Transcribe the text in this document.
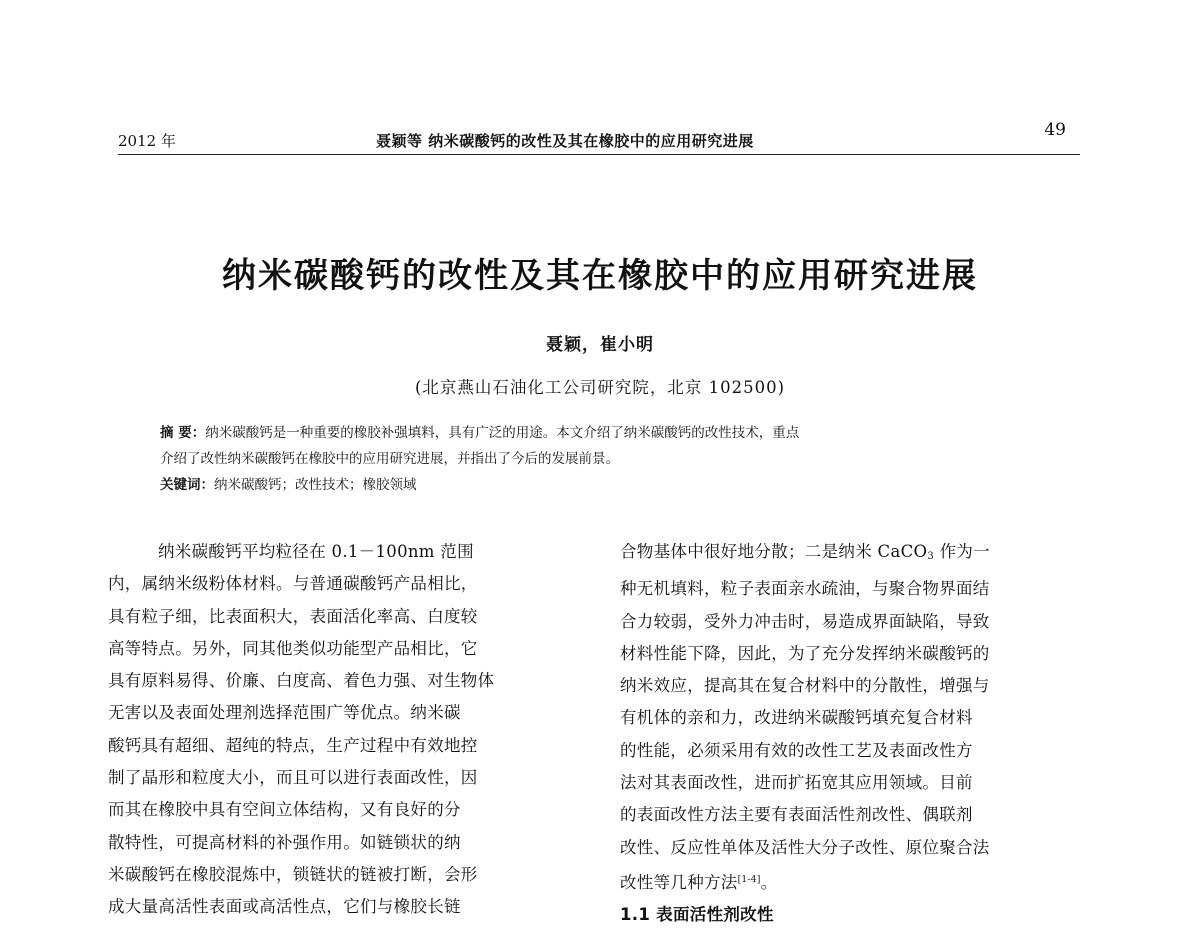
2012 年	聂颖等 纳米碳酸钙的改性及其在橡胶中的应用研究进展
49
纳米碳酸钙的改性及其在橡胶中的应用研究进展
聂颖，崔小明
(北京燕山石油化工公司研究院，北京 102500)
摘 要：纳米碳酸钙是一种重要的橡胶补强填料，具有广泛的用途。本文介绍了纳米碳酸钙的改性技术，重点
介绍了改性纳米碳酸钙在橡胶中的应用研究进展，并指出了今后的发展前景。
关键词：纳米碳酸钙；改性技术；橡胶领域
纳米碳酸钙平均粒径在 0.1－100nm 范围
内，属纳米级粉体材料。与普通碳酸钙产品相比，
具有粒子细，比表面积大，表面活化率高、白度较
高等特点。另外，同其他类似功能型产品相比，它
具有原料易得、价廉、白度高、着色力强、对生物体
无害以及表面处理剂选择范围广等优点。纳米碳
酸钙具有超细、超纯的特点，生产过程中有效地控
制了晶形和粒度大小，而且可以进行表面改性，因
而其在橡胶中具有空间立体结构，又有良好的分
散特性，可提高材料的补强作用。如链锁状的纳
米碳酸钙在橡胶混炼中，锁链状的链被打断，会形
成大量高活性表面或高活性点，它们与橡胶长链
合物基体中很好地分散；二是纳米 CaCO$_3$ 作为一
种无机填料，粒子表面亲水疏油，与聚合物界面结
合力较弱，受外力冲击时，易造成界面缺陷，导致
材料性能下降，因此，为了充分发挥纳米碳酸钙的
纳米效应，提高其在复合材料中的分散性，增强与
有机体的亲和力，改进纳米碳酸钙填充复合材料
的性能，必须采用有效的改性工艺及表面改性方
法对其表面改性，进而扩拓宽其应用领域。目前
的表面改性方法主要有表面活性剂改性、偶联剂
改性、反应性单体及活性大分子改性、原位聚合法
改性等几种方法[1-4]。
1.1 表面活性剂改性
